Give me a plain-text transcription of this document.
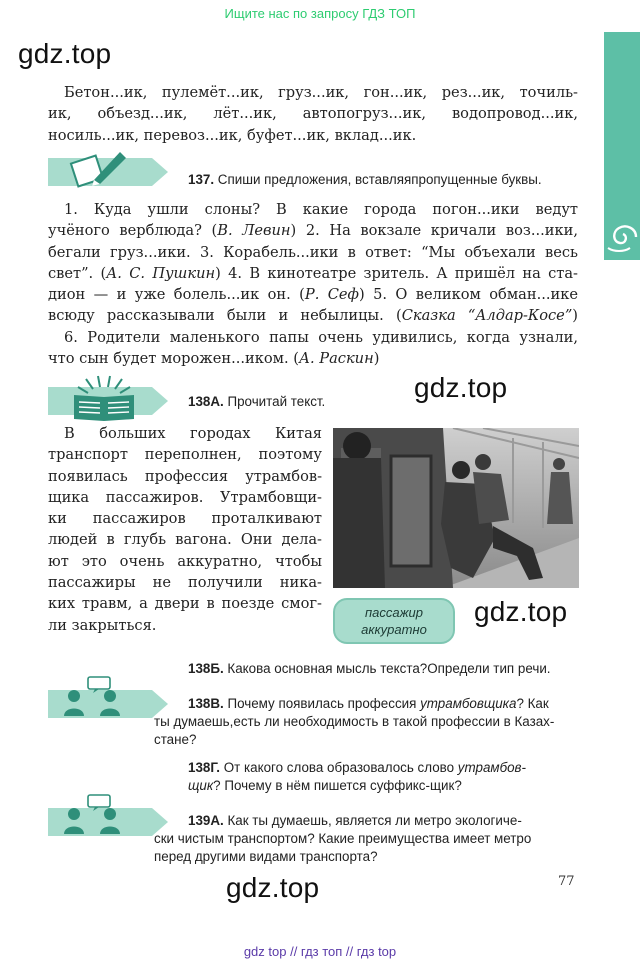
Ищите нас по запросу ГДЗ ТОП
gdz.top
gdz.top
gdz.top
gdz.top
Бетон...ик, пулемёт...ик, груз...ик, гон...ик, рез...ик, точиль-
ик, объезд...ик, лёт...ик, автопогруз...ик, водопровод...ик,
носиль...ик, перевоз...ик, буфет...ик, вклад...ик.
137. Спиши предложения, вставляяпропущенные буквы.
1. Куда ушли слоны? В какие города погон...ики ведут
учёного верблюда? (В. Левин) 2. На вокзале кричали воз...ики,
бегали груз...ики. 3. Корабель...ики в ответ: “Мы объехали весь
свет”. (А. С. Пушкин) 4. В кинотеатре зритель. А пришёл на ста-
дион — и уже болель...ик он. (Р. Сеф) 5. О великом обман...ике
всюду рассказывали были и небылицы. (Сказка “Алдар-Косе”)
6. Родители маленького папы очень удивились, когда узнали,
что сын будет морожен...иком. (А. Раскин)
138А. Прочитай текст.
В больших городах Китая
транспорт переполнен, поэтому
появилась профессия утрамбов-
щика пассажиров. Утрамбовщи-
ки пассажиров проталкивают
людей в глубь вагона. Они дела-
ют это очень аккуратно, чтобы
пассажиры не получили ника-
ких травм, а двери в поезде смог-
ли закрыться.
пассажир
аккуратно
138Б. Какова основная мысль текста?Определи тип речи.
138В. Почему появилась профессия утрамбовщика? Как
ты думаешь,есть ли необходимость в такой профессии в Казах-
стане?
138Г. От какого слова образовалось слово утрамбов-
щик? Почему в нём пишется суффикс-щик?
139А. Как ты думаешь, является ли метро экологиче-
ски чистым транспортом? Какие преимущества имеет метро
перед другими видами транспорта?
77
gdz top // гдз топ // гдз top
